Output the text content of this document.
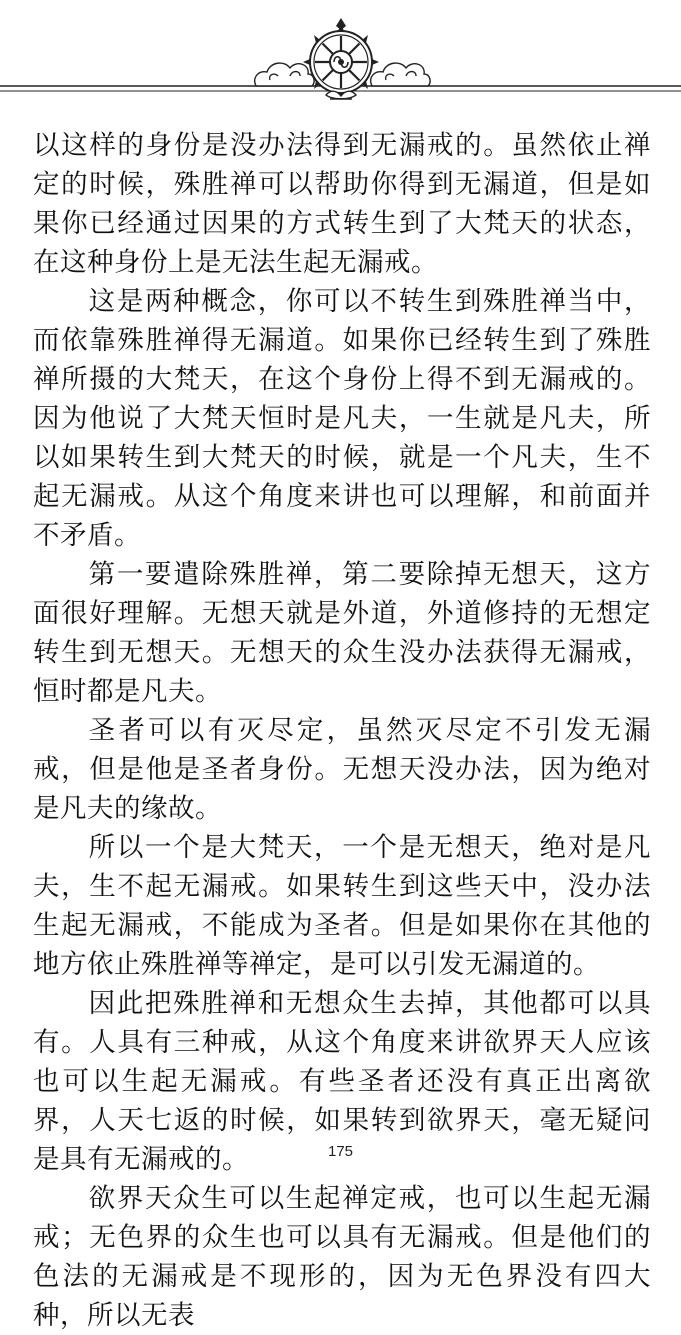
以这样的身份是没办法得到无漏戒的。虽然依止禅定的时候，殊胜禅可以帮助你得到无漏道，但是如果你已经通过因果的方式转生到了大梵天的状态，在这种身份上是无法生起无漏戒。

这是两种概念，你可以不转生到殊胜禅当中，而依靠殊胜禅得无漏道。如果你已经转生到了殊胜禅所摄的大梵天，在这个身份上得不到无漏戒的。因为他说了大梵天恒时是凡夫，一生就是凡夫，所以如果转生到大梵天的时候，就是一个凡夫，生不起无漏戒。从这个角度来讲也可以理解，和前面并不矛盾。

第一要遣除殊胜禅，第二要除掉无想天，这方面很好理解。无想天就是外道，外道修持的无想定转生到无想天。无想天的众生没办法获得无漏戒，恒时都是凡夫。

圣者可以有灭尽定，虽然灭尽定不引发无漏戒，但是他是圣者身份。无想天没办法，因为绝对是凡夫的缘故。

所以一个是大梵天，一个是无想天，绝对是凡夫，生不起无漏戒。如果转生到这些天中，没办法生起无漏戒，不能成为圣者。但是如果你在其他的地方依止殊胜禅等禅定，是可以引发无漏道的。

因此把殊胜禅和无想众生去掉，其他都可以具有。人具有三种戒，从这个角度来讲欲界天人应该也可以生起无漏戒。有些圣者还没有真正出离欲界，人天七返的时候，如果转到欲界天，毫无疑问是具有无漏戒的。

欲界天众生可以生起禅定戒，也可以生起无漏戒；无色界的众生也可以具有无漏戒。但是他们的色法的无漏戒是不现形的，因为无色界没有四大种，所以无表

175
